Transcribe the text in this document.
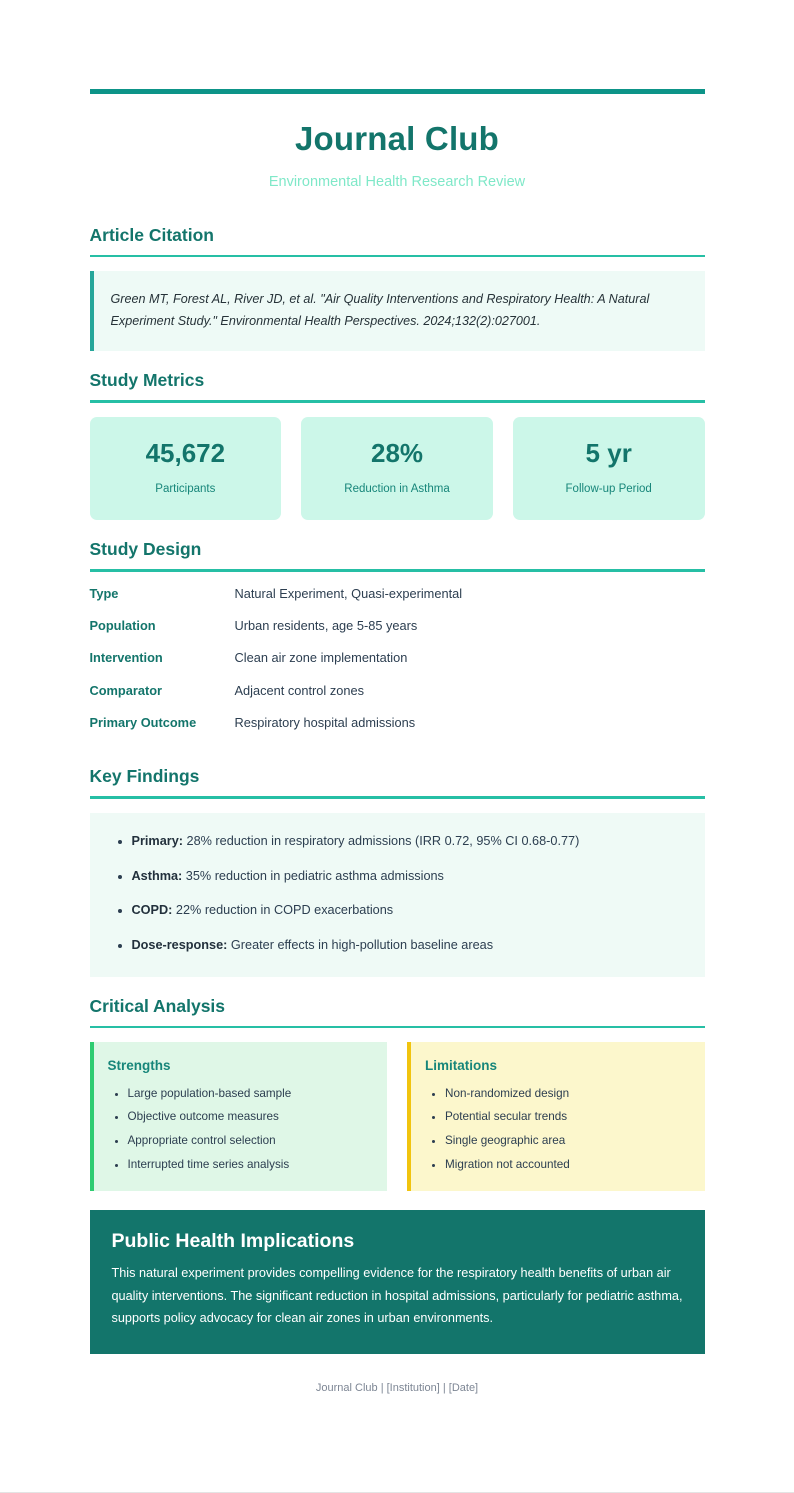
Journal Club
Environmental Health Research Review
Article Citation

Green MT, Forest AL, River JD, et al. "Air Quality Interventions and Respiratory Health: A Natural Experiment Study." Environmental Health Perspectives. 2024;132(2):027001.

Study Metrics
45,672
Participants
28%
Reduction in Asthma
5 yr
Follow-up Period
Study Design
Type	Natural Experiment, Quasi-experimental
Population	Urban residents, age 5-85 years
Intervention	Clean air zone implementation
Comparator	Adjacent control zones
Primary Outcome	Respiratory hospital admissions
Key Findings
• Primary: 28% reduction in respiratory admissions (IRR 0.72, 95% CI 0.68-0.77)
• Asthma: 35% reduction in pediatric asthma admissions
• COPD: 22% reduction in COPD exacerbations
• Dose-response: Greater effects in high-pollution baseline areas
Critical Analysis
Strengths
• Large population-based sample
• Objective outcome measures
• Appropriate control selection
• Interrupted time series analysis
Limitations
• Non-randomized design
• Potential secular trends
• Single geographic area
• Migration not accounted
Public Health Implications

This natural experiment provides compelling evidence for the respiratory health benefits of urban air quality interventions. The significant reduction in hospital admissions, particularly for pediatric asthma, supports policy advocacy for clean air zones in urban environments.

Journal Club | [Institution] | [Date]
